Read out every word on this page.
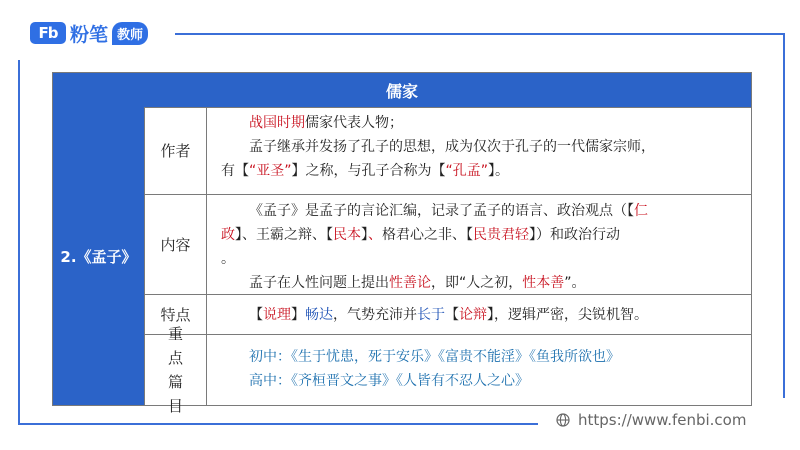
Fb 粉笔 教师
儒家
2.《孟子》
作者

战国时期儒家代表人物；

孟子继承并发扬了孔子的思想，成为仅次于孔子的一代儒家宗师，

有【“亚圣”】之称，与孔子合称为【“孔孟”】。

内容

《孟子》是孟子的言论汇编，记录了孟子的语言、政治观点（【仁

政】、王霸之辩、【民本】、格君心之非、【民贵君轻】）和政治行动

。

孟子在人性问题上提出性善论，即“人之初，性本善”。

特点	【说理】畅达，气势充沛并长于【论辩】，逻辑严密，尖锐机智。

重点篇目

初中：《生于忧患，死于安乐》《富贵不能淫》《鱼我所欲也》

高中：《齐桓晋文之事》《人皆有不忍人之心》

https://www.fenbi.com
